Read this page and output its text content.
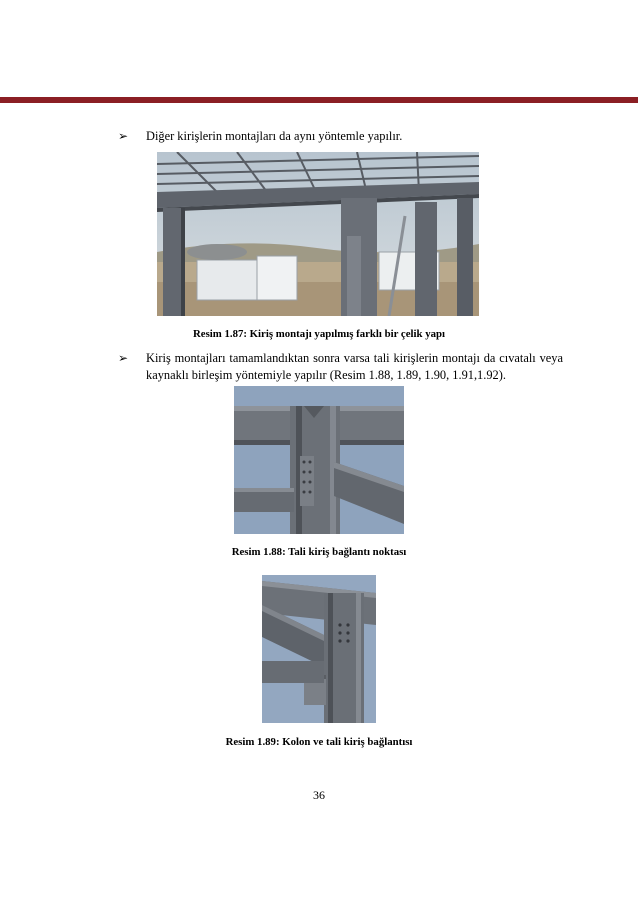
➢ Diğer kirişlerin montajları da aynı yöntemle yapılır.
Resim 1.87: Kiriş montajı yapılmış farklı bir çelik yapı
➢ Kiriş montajları tamamlandıktan sonra varsa tali kirişlerin montajı da cıvatalı veya kaynaklı birleşim yöntemiyle yapılır (Resim 1.88, 1.89, 1.90, 1.91,1.92).
Resim 1.88: Tali kiriş bağlantı noktası
Resim 1.89: Kolon ve tali kiriş bağlantısı
36
